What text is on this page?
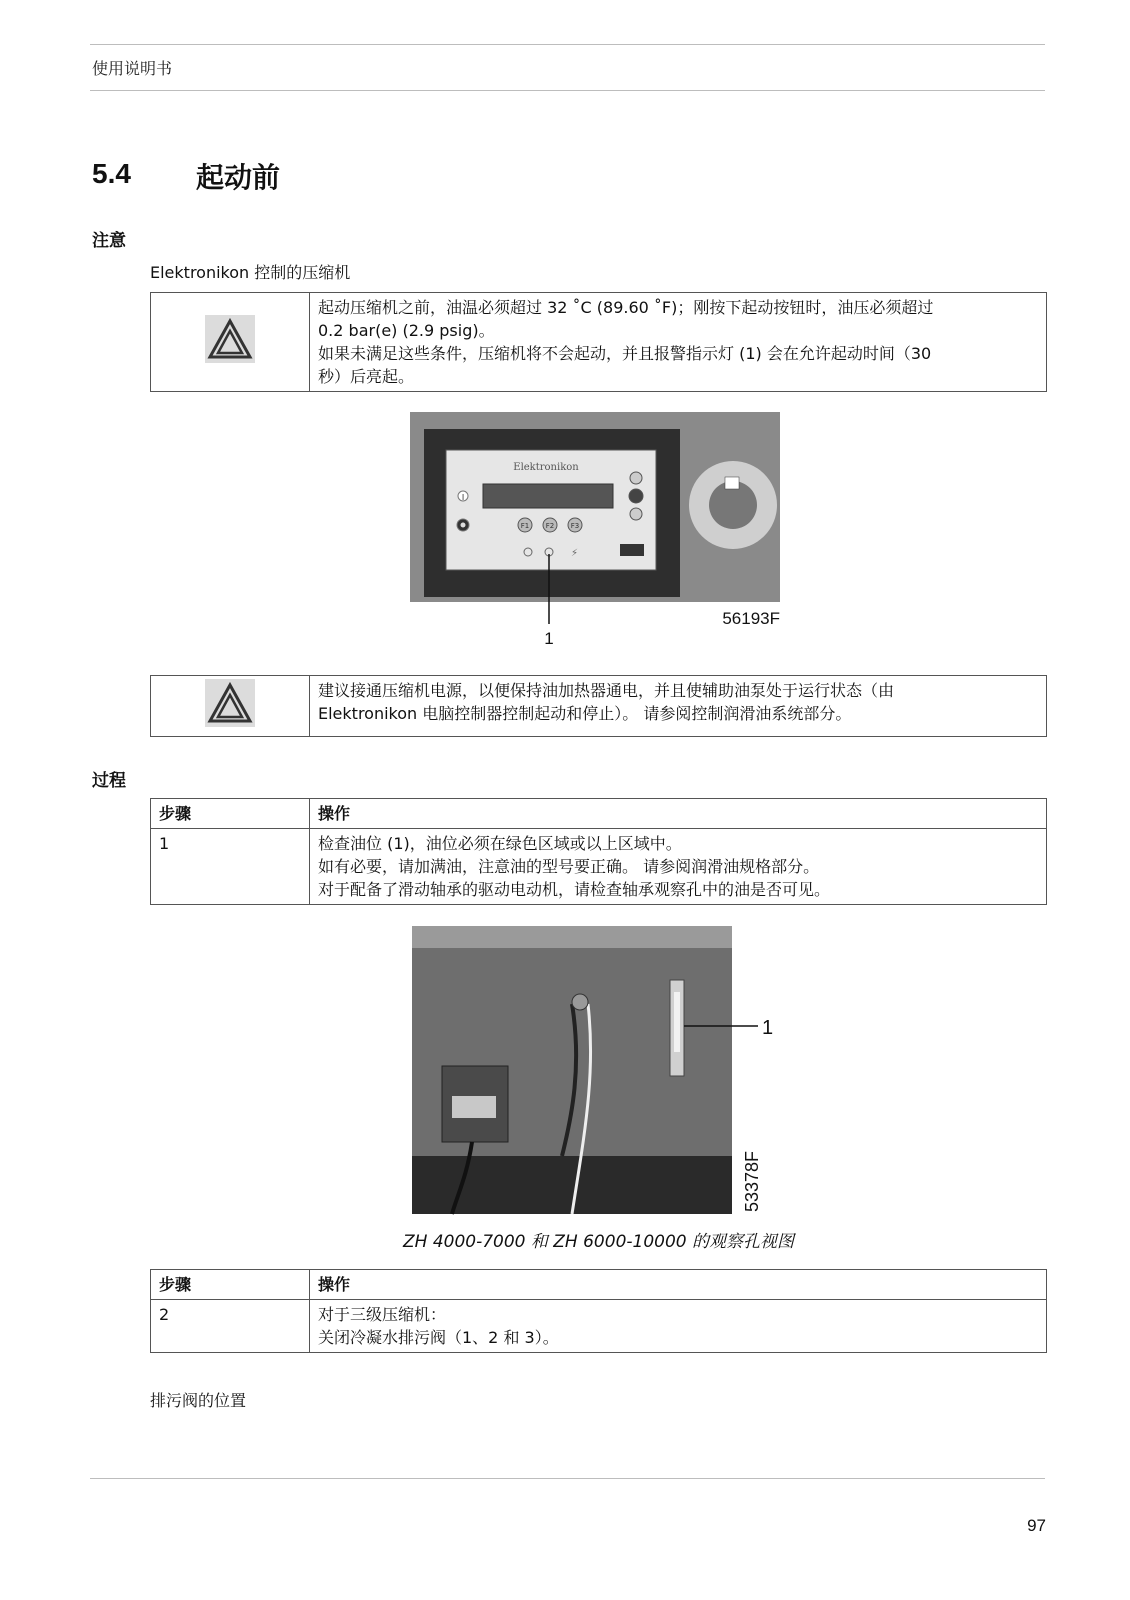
使用说明书
5.4 起动前
注意
Elektronikon 控制的压缩机

起动压缩机之前，油温必须超过 32 ˚C (89.60 ˚F)；刚按下起动按钮时，油压必须超过
0.2 bar(e) (2.9 psig)。
如果未满足这些条件，压缩机将不会起动，并且报警指示灯 (1) 会在允许起动时间（30
秒）后亮起。
Elektronikon
I
F1 F2 F3
⚡
1
56193F

建议接通压缩机电源，以便保持油加热器通电，并且使辅助油泵处于运行状态（由
Elektronikon 电脑控制器控制起动和停止）。 请参阅控制润滑油系统部分。
过程
步骤	操作
1	检查油位 (1)，油位必须在绿色区域或以上区域中。
如有必要，请加满油，注意油的型号要正确。 请参阅润滑油规格部分。
对于配备了滑动轴承的驱动电动机，请检查轴承观察孔中的油是否可见。
1
53378F
ZH 4000-7000 和 ZH 6000-10000 的观察孔视图
步骤	操作
2	对于三级压缩机：
关闭冷凝水排污阀（1、2 和 3）。
排污阀的位置
97
